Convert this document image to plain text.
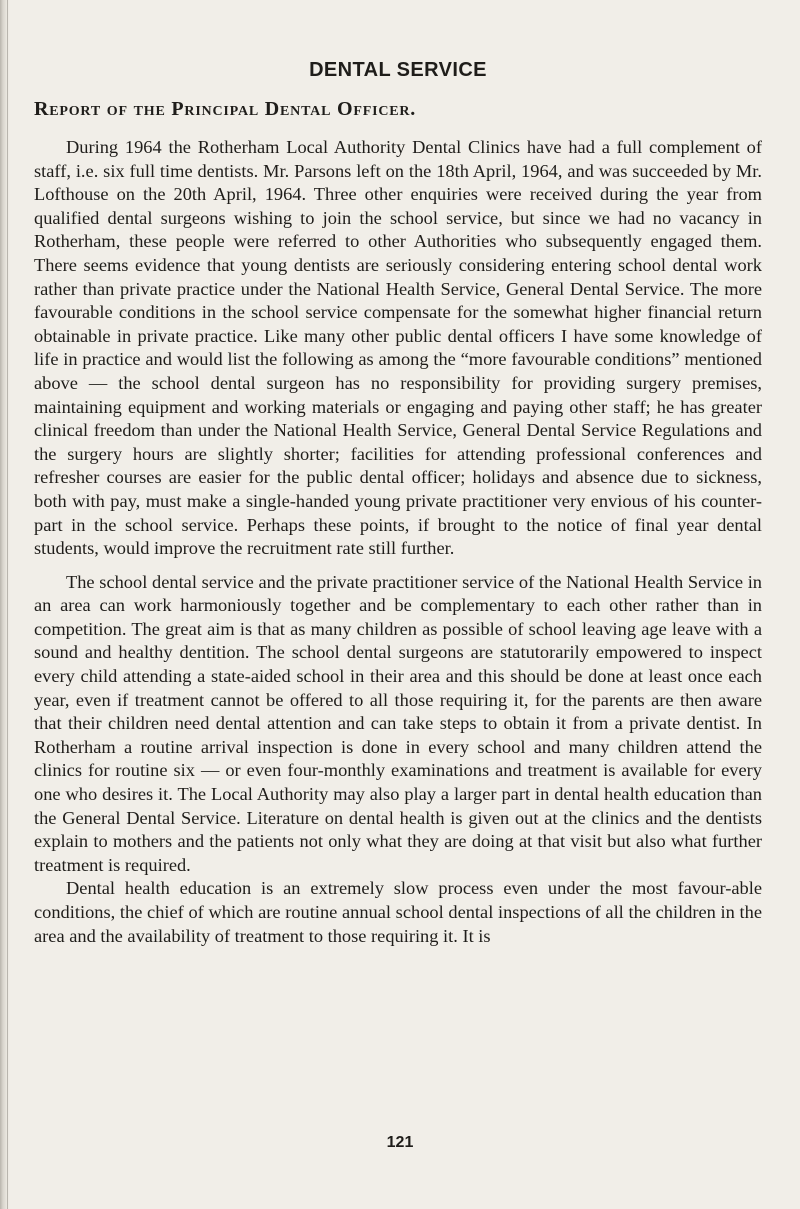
DENTAL SERVICE
Report of the Principal Dental Officer.

During 1964 the Rotherham Local Authority Dental Clinics have had a full complement of staff, i.e. six full time dentists. Mr. Parsons left on the 18th April, 1964, and was succeeded by Mr. Lofthouse on the 20th April, 1964. Three other enquiries were received during the year from qualified dental surgeons wishing to join the school service, but since we had no vacancy in Rotherham, these people were referred to other Authorities who subsequently engaged them. There seems evidence that young dentists are seriously considering entering school dental work rather than private practice under the National Health Service, General Dental Service. The more favourable conditions in the school service compensate for the somewhat higher financial return obtainable in private practice. Like many other public dental officers I have some knowledge of life in practice and would list the following as among the “more favourable conditions” mentioned above — the school dental surgeon has no responsibility for providing surgery premises, maintaining equipment and working materials or engaging and paying other staff; he has greater clinical freedom than under the National Health Service, General Dental Service Regulations and the surgery hours are slightly shorter; facilities for attending professional conferences and refresher courses are easier for the public dental officer; holidays and absence due to sickness, both with pay, must make a single-handed young private practitioner very envious of his counter-part in the school service. Perhaps these points, if brought to the notice of final year dental students, would improve the recruitment rate still further.

The school dental service and the private practitioner service of the National Health Service in an area can work harmoniously together and be complementary to each other rather than in competition. The great aim is that as many children as possible of school leaving age leave with a sound and healthy dentition. The school dental surgeons are statutorarily empowered to inspect every child attending a state-aided school in their area and this should be done at least once each year, even if treatment cannot be offered to all those requiring it, for the parents are then aware that their children need dental attention and can take steps to obtain it from a private dentist. In Rotherham a routine arrival inspection is done in every school and many children attend the clinics for routine six — or even four-monthly examinations and treatment is available for every one who desires it. The Local Authority may also play a larger part in dental health education than the General Dental Service. Literature on dental health is given out at the clinics and the dentists explain to mothers and the patients not only what they are doing at that visit but also what further treatment is required.

Dental health education is an extremely slow process even under the most favour-able conditions, the chief of which are routine annual school dental inspections of all the children in the area and the availability of treatment to those requiring it. It is

121
